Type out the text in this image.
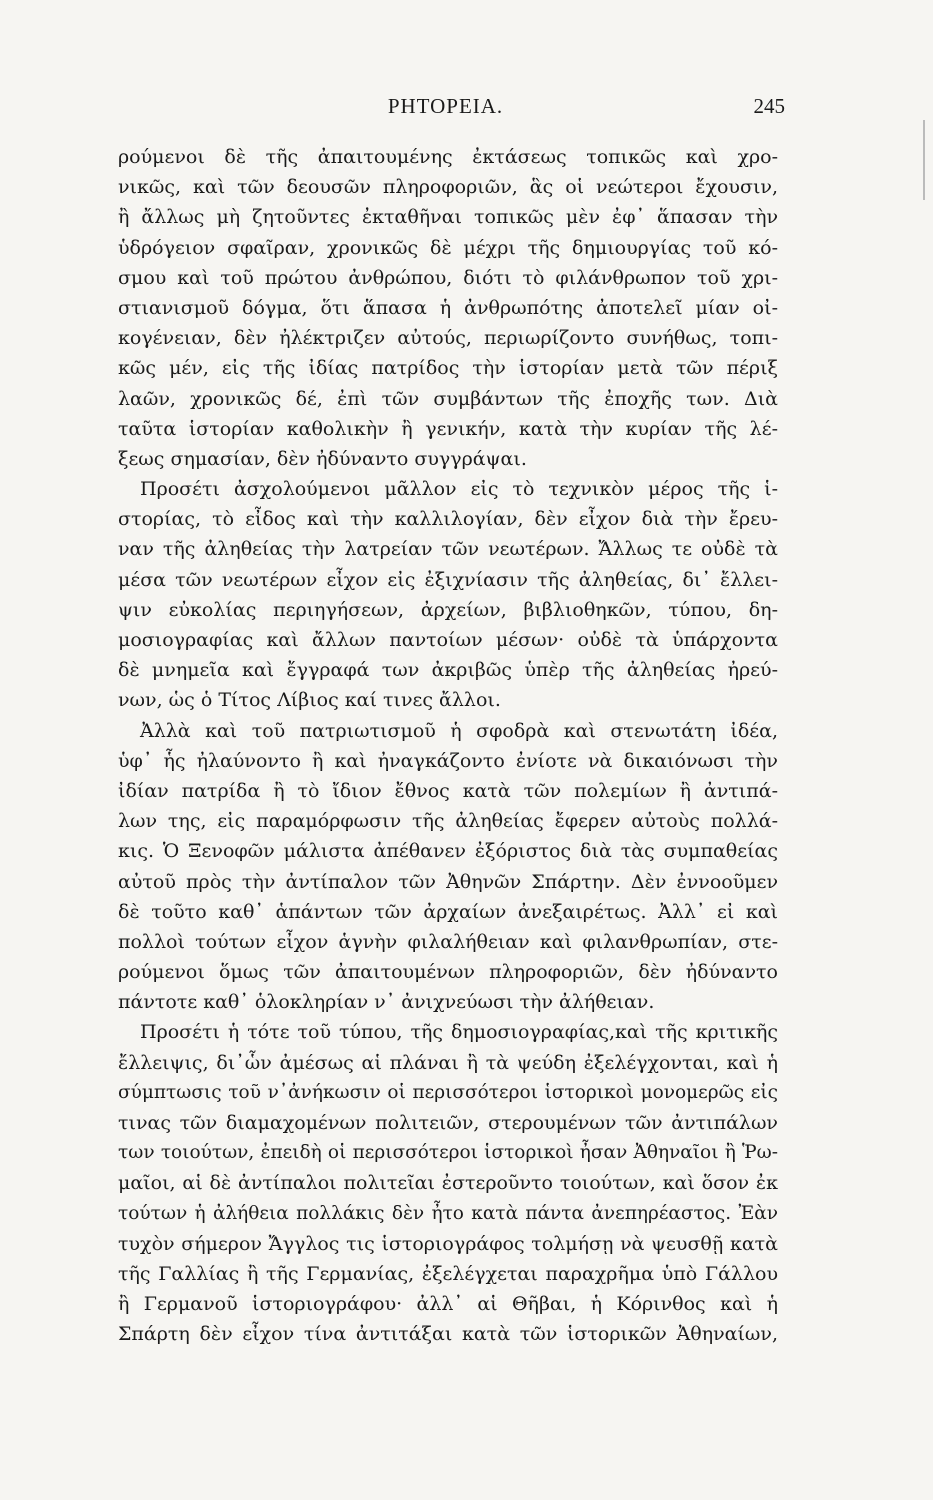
ΡΗΤΟΡΕΙΑ.	245
ρούμενοι δὲ τῆς ἀπαιτουμένης ἐκτάσεως τοπικῶς καὶ χρο-
νικῶς, καὶ τῶν δεουσῶν πληροφοριῶν, ἃς οἱ νεώτεροι ἔχουσιν,
ἢ ἄλλως μὴ ζητοῦντες ἐκταθῆναι τοπικῶς μὲν ἐφ᾽ ἅπασαν τὴν
ὑδρόγειον σφαῖραν, χρονικῶς δὲ μέχρι τῆς δημιουργίας τοῦ κό-
σμου καὶ τοῦ πρώτου ἀνθρώπου, διότι τὸ φιλάνθρωπον τοῦ χρι-
στιανισμοῦ δόγμα, ὅτι ἅπασα ἡ ἀνθρωπότης ἀποτελεῖ μίαν οἰ-
κογένειαν, δὲν ἠλέκτριζεν αὐτούς, περιωρίζοντο συνήθως, τοπι-
κῶς μέν, εἰς τῆς ἰδίας πατρίδος τὴν ἱστορίαν μετὰ τῶν πέριξ
λαῶν, χρονικῶς δέ, ἐπὶ τῶν συμβάντων τῆς ἐποχῆς των. Διὰ
ταῦτα ἱστορίαν καθολικὴν ἢ γενικήν, κατὰ τὴν κυρίαν τῆς λέ-
ξεως σημασίαν, δὲν ἠδύναντο συγγράψαι.
Προσέτι ἀσχολούμενοι μᾶλλον εἰς τὸ τεχνικὸν μέρος τῆς ἱ-
στορίας, τὸ εἶδος καὶ τὴν καλλιλογίαν, δὲν εἶχον διὰ τὴν ἔρευ-
ναν τῆς ἀληθείας τὴν λατρείαν τῶν νεωτέρων. Ἄλλως τε οὐδὲ τὰ
μέσα τῶν νεωτέρων εἶχον εἰς ἐξιχνίασιν τῆς ἀληθείας, δι᾽ ἔλλει-
ψιν εὐκολίας περιηγήσεων, ἀρχείων, βιβλιοθηκῶν, τύπου, δη-
μοσιογραφίας καὶ ἄλλων παντοίων μέσων· οὐδὲ τὰ ὑπάρχοντα
δὲ μνημεῖα καὶ ἔγγραφά των ἀκριβῶς ὑπὲρ τῆς ἀληθείας ἠρεύ-
νων, ὡς ὁ Τίτος Λίβιος καί τινες ἄλλοι.
Ἀλλὰ καὶ τοῦ πατριωτισμοῦ ἡ σφοδρὰ καὶ στενωτάτη ἰδέα,
ὑφ᾽ ἧς ἠλαύνοντο ἢ καὶ ἠναγκάζοντο ἐνίοτε νὰ δικαιόνωσι τὴν
ἰδίαν πατρίδα ἢ τὸ ἴδιον ἔθνος κατὰ τῶν πολεμίων ἢ ἀντιπά-
λων της, εἰς παραμόρφωσιν τῆς ἀληθείας ἔφερεν αὐτοὺς πολλά-
κις. Ὁ Ξενοφῶν μάλιστα ἀπέθανεν ἐξόριστος διὰ τὰς συμπαθείας
αὐτοῦ πρὸς τὴν ἀντίπαλον τῶν Ἀθηνῶν Σπάρτην. Δὲν ἐννοοῦμεν
δὲ τοῦτο καθ᾽ ἁπάντων τῶν ἀρχαίων ἀνεξαιρέτως. Ἀλλ᾽ εἰ καὶ
πολλοὶ τούτων εἶχον ἁγνὴν φιλαλήθειαν καὶ φιλανθρωπίαν, στε-
ρούμενοι ὅμως τῶν ἀπαιτουμένων πληροφοριῶν, δὲν ἠδύναντο
πάντοτε καθ᾽ ὁλοκληρίαν ν᾽ ἀνιχνεύωσι τὴν ἀλήθειαν.
Προσέτι ἡ τότε τοῦ τύπου, τῆς δημοσιογραφίας,καὶ τῆς κριτικῆς
ἔλλειψις, δι᾽ὧν ἀμέσως αἱ πλάναι ἢ τὰ ψεύδη ἐξελέγχονται, καὶ ἡ
σύμπτωσις τοῦ ν᾽ἀνήκωσιν οἱ περισσότεροι ἱστορικοὶ μονομερῶς εἰς
τινας τῶν διαμαχομένων πολιτειῶν, στερουμένων τῶν ἀντιπάλων
των τοιούτων, ἐπειδὴ οἱ περισσότεροι ἱστορικοὶ ἦσαν Ἀθηναῖοι ἢ Ῥω-
μαῖοι, αἱ δὲ ἀντίπαλοι πολιτεῖαι ἐστεροῦντο τοιούτων, καὶ ὅσον ἐκ
τούτων ἡ ἀλήθεια πολλάκις δὲν ἦτο κατὰ πάντα ἀνεπηρέαστος. Ἐὰν
τυχὸν σήμερον Ἄγγλος τις ἱστοριογράφος τολμήσῃ νὰ ψευσθῇ κατὰ
τῆς Γαλλίας ἢ τῆς Γερμανίας, ἐξελέγχεται παραχρῆμα ὑπὸ Γάλλου
ἢ Γερμανοῦ ἱστοριογράφου· ἀλλ᾽ αἱ Θῆβαι, ἡ Κόρινθος καὶ ἡ
Σπάρτη δὲν εἶχον τίνα ἀντιτάξαι κατὰ τῶν ἱστορικῶν Ἀθηναίων,
